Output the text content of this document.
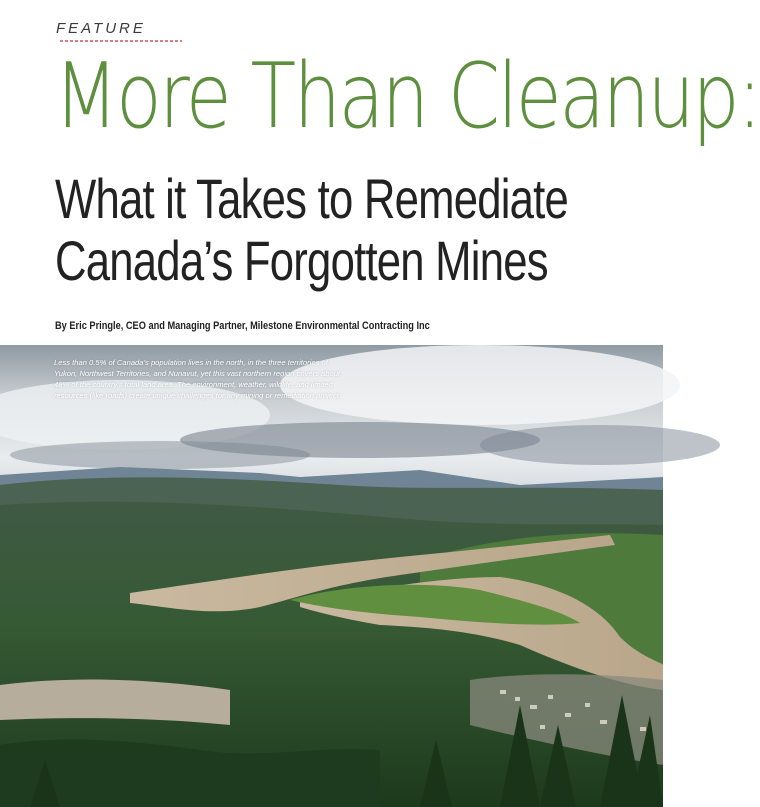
FEATURE
More Than Cleanup:
What it Takes to Remediate
Canada’s Forgotten Mines
By Eric Pringle, CEO and Managing Partner, Milestone Environmental Contracting Inc
Less than 0.5% of Canada’s population lives in the north, in the three territories of Yukon, Northwest Territories, and Nunavut, yet this vast northern region covers about 48% of the country’s total land area. The environment, weather, wildlife, and limited resources (like roads) create unique challenges for any mining or remediation project.
